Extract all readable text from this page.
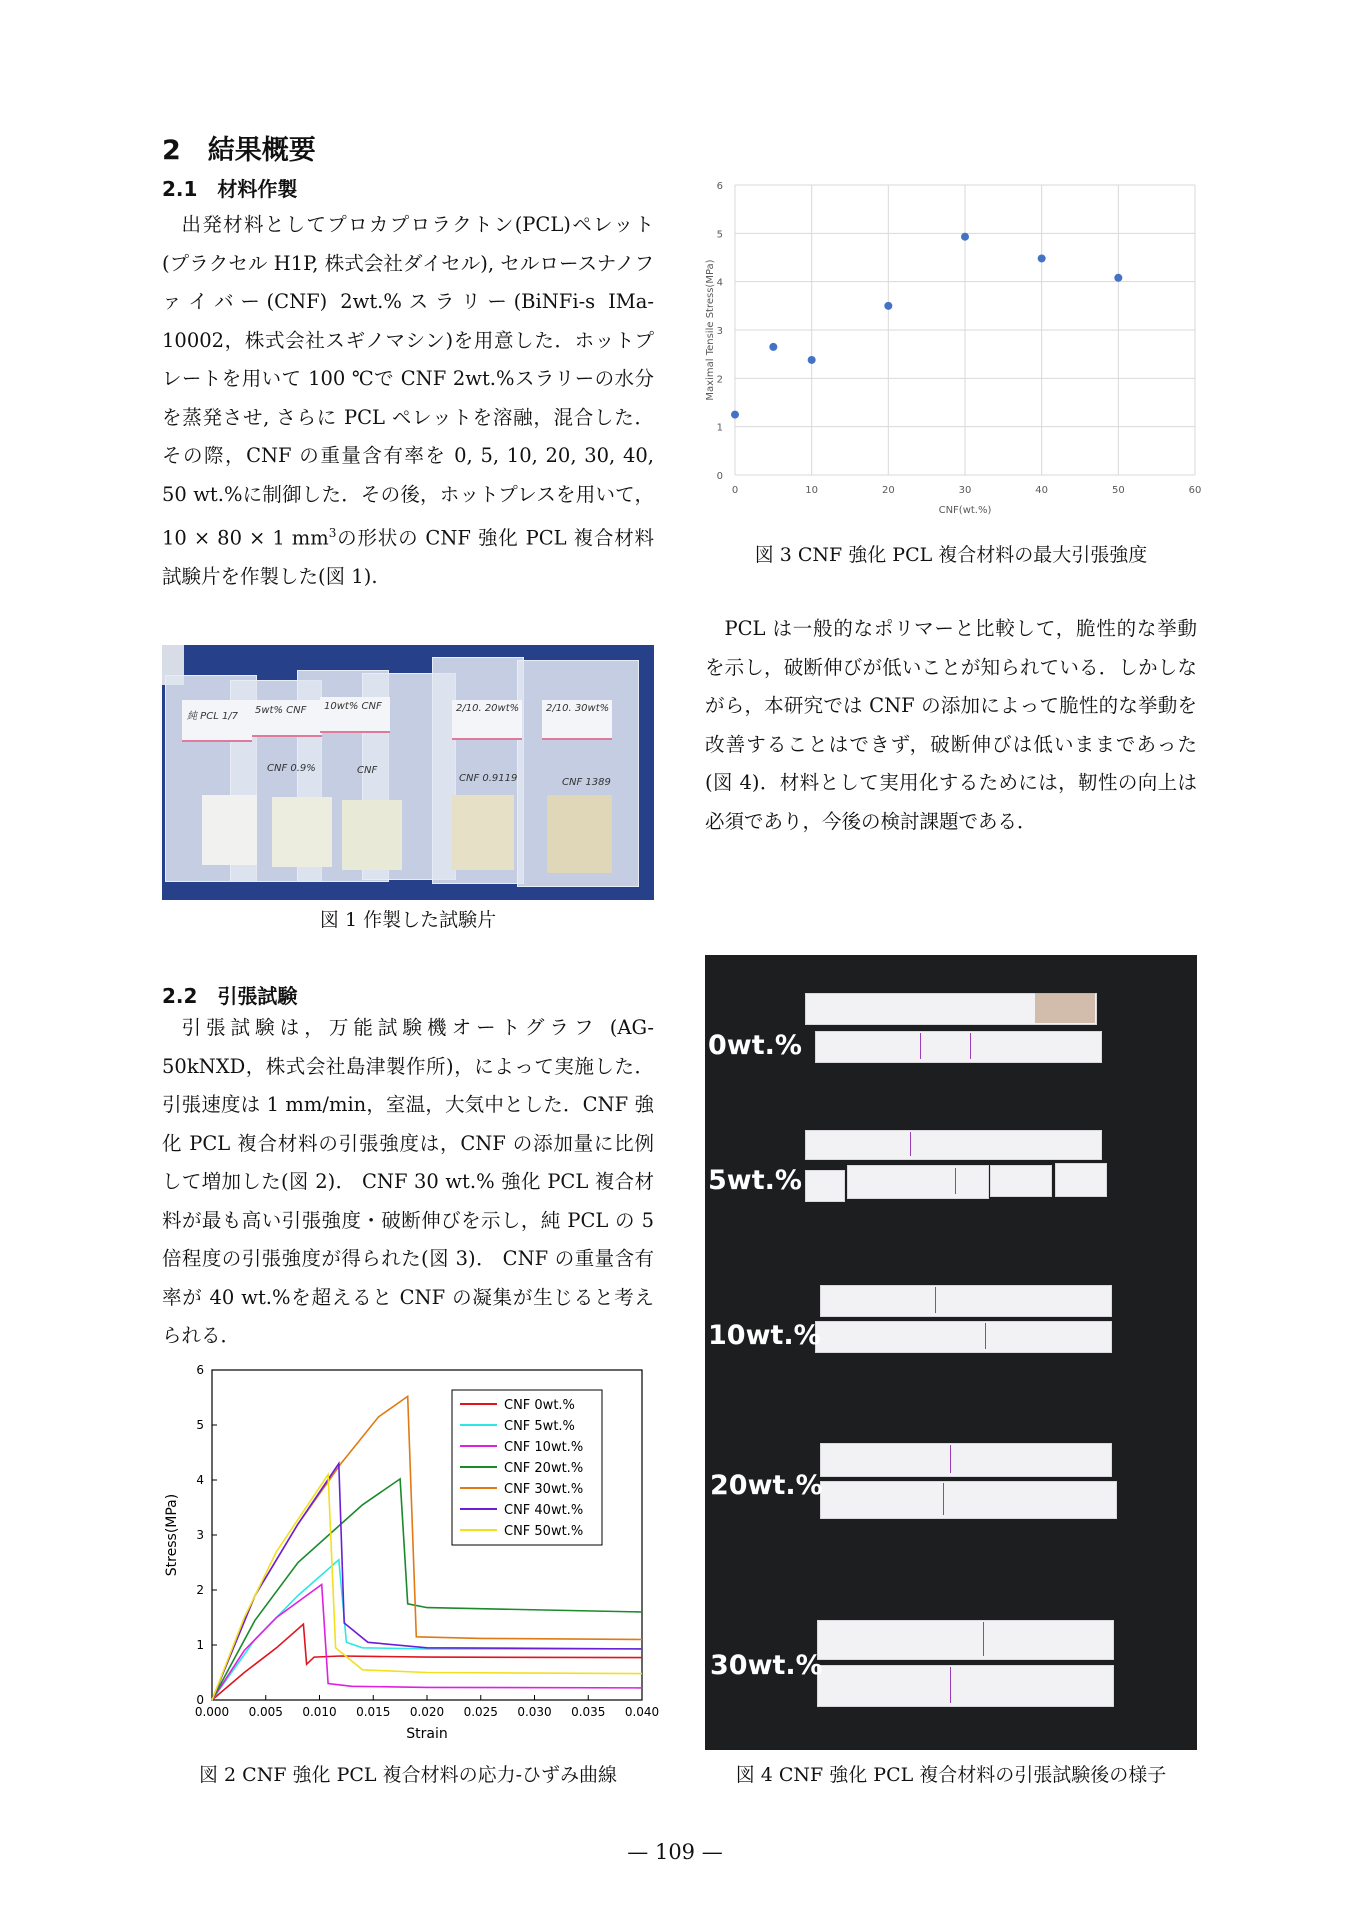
2　結果概要
2.1　材料作製

出発材料としてプロカプロラクトン(PCL)ペレット(プラクセル H1P, 株式会社ダイセル), セルロースナノファイバー(CNF) 2wt.%スラリー(BiNFi-s IMa-10002，株式会社スギノマシン)を用意した．ホットプレートを用いて 100 ℃で CNF 2wt.%スラリーの水分を蒸発させ, さらに PCL ペレットを溶融，混合した．その際，CNF の重量含有率を 0, 5, 10, 20, 30, 40, 50 wt.%に制御した．その後，ホットプレスを用いて，10 × 80 × 1 $mm^3$の形状の CNF 強化 PCL 複合材料試験片を作製した(図 1).

純 PCL 1/7
5wt% CNF 10wt% CNF	2/10. 20wt%	2/10. 30wt%
CNF 0.9%	CNF
CNF 0.9119	CNF 1389
図 1 作製した試験片
2.2　引張試験

引張試験は，万能試験機オートグラフ (AG-50kNXD，株式会社島津製作所)，によって実施した．引張速度は 1 mm/min，室温，大気中とした．CNF 強化 PCL 複合材料の引張強度は，CNF の添加量に比例して増加した(図 2)． CNF 30 wt.% 強化 PCL 複合材料が最も高い引張強度・破断伸びを示し，純 PCL の 5 倍程度の引張強度が得られた(図 3)． CNF の重量含有率が 40 wt.%を超えると CNF の凝集が生じると考えられる．

0.000 0.005 0.010 0.015 0.020 0.025 0.030 0.035 0.040
0
1
2
3
4
5
6
Strain
Stress(MPa)
CNF 0wt.%
CNF 5wt.%
CNF 10wt.%
CNF 20wt.%
CNF 30wt.%
CNF 40wt.%
CNF 50wt.%
図 2 CNF 強化 PCL 複合材料の応力-ひずみ曲線
0
1
2
3
4
5
6
0	10	20	30	40	50	60
CNF(wt.%)
Maximal Tensile Stress(MPa)
図 3 CNF 強化 PCL 複合材料の最大引張強度

PCL は一般的なポリマーと比較して，脆性的な挙動を示し，破断伸びが低いことが知られている．しかしながら，本研究では CNF の添加によって脆性的な挙動を改善することはできず，破断伸びは低いままであった(図 4)．材料として実用化するためには，靭性の向上は必須であり，今後の検討課題である．

0wt.%
5wt.%
10wt.%
20wt.%
30wt.%
図 4 CNF 強化 PCL 複合材料の引張試験後の様子
— 109 —
